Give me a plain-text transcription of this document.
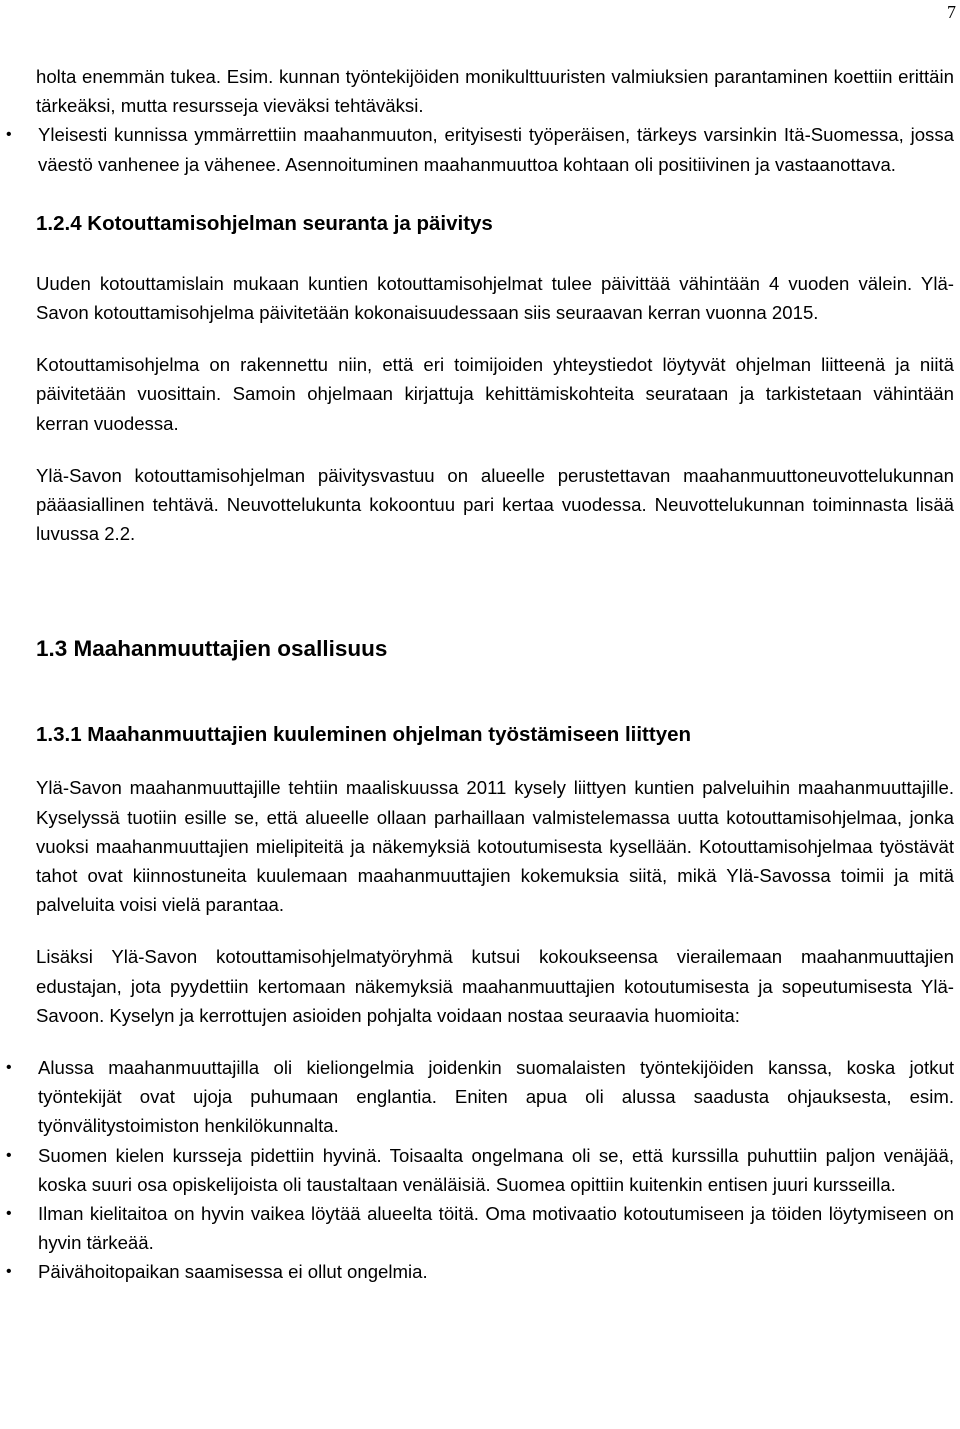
7

holta enemmän tukea. Esim. kunnan työntekijöiden monikulttuuristen valmiuksien parantaminen koettiin erittäin tärkeäksi, mutta resursseja vieväksi tehtäväksi.

• Yleisesti kunnissa ymmärrettiin maahanmuuton, erityisesti työperäisen, tärkeys varsinkin Itä-Suomessa, jossa väestö vanhenee ja vähenee. Asennoituminen maahanmuuttoa kohtaan oli positiivinen ja vastaanottava.
1.2.4 Kotouttamisohjelman seuranta ja päivitys

Uuden kotouttamislain mukaan kuntien kotouttamisohjelmat tulee päivittää vähintään 4 vuoden välein. Ylä-Savon kotouttamisohjelma päivitetään kokonaisuudessaan siis seuraavan kerran vuonna 2015.

Kotouttamisohjelma on rakennettu niin, että eri toimijoiden yhteystiedot löytyvät ohjelman liitteenä ja niitä päivitetään vuosittain. Samoin ohjelmaan kirjattuja kehittämiskohteita seurataan ja tarkistetaan vähintään kerran vuodessa.

Ylä-Savon kotouttamisohjelman päivitysvastuu on alueelle perustettavan maahanmuuttoneuvottelukunnan pääasiallinen tehtävä. Neuvottelukunta kokoontuu pari kertaa vuodessa. Neuvottelukunnan toiminnasta lisää luvussa 2.2.

1.3 Maahanmuuttajien osallisuus
1.3.1 Maahanmuuttajien kuuleminen ohjelman työstämiseen liittyen

Ylä-Savon maahanmuuttajille tehtiin maaliskuussa 2011 kysely liittyen kuntien palveluihin maahanmuuttajille. Kyselyssä tuotiin esille se, että alueelle ollaan parhaillaan valmistelemassa uutta kotouttamisohjelmaa, jonka vuoksi maahanmuuttajien mielipiteitä ja näkemyksiä kotoutumisesta kysellään. Kotouttamisohjelmaa työstävät tahot ovat kiinnostuneita kuulemaan maahanmuuttajien kokemuksia siitä, mikä Ylä-Savossa toimii ja mitä palveluita voisi vielä parantaa.

Lisäksi Ylä-Savon kotouttamisohjelmatyöryhmä kutsui kokoukseensa vierailemaan maahanmuuttajien edustajan, jota pyydettiin kertomaan näkemyksiä maahanmuuttajien kotoutumisesta ja sopeutumisesta Ylä-Savoon. Kyselyn ja kerrottujen asioiden pohjalta voidaan nostaa seuraavia huomioita:

• Alussa maahanmuuttajilla oli kieliongelmia joidenkin suomalaisten työntekijöiden kanssa, koska jotkut työntekijät ovat ujoja puhumaan englantia. Eniten apua oli alussa saadusta ohjauksesta, esim. työnvälitystoimiston henkilökunnalta.
• Suomen kielen kursseja pidettiin hyvinä. Toisaalta ongelmana oli se, että kurssilla puhuttiin paljon venäjää, koska suuri osa opiskelijoista oli taustaltaan venäläisiä. Suomea opittiin kuitenkin entisen juuri kursseilla.
• Ilman kielitaitoa on hyvin vaikea löytää alueelta töitä. Oma motivaatio kotoutumiseen ja töiden löytymiseen on hyvin tärkeää.
• Päivähoitopaikan saamisessa ei ollut ongelmia.
